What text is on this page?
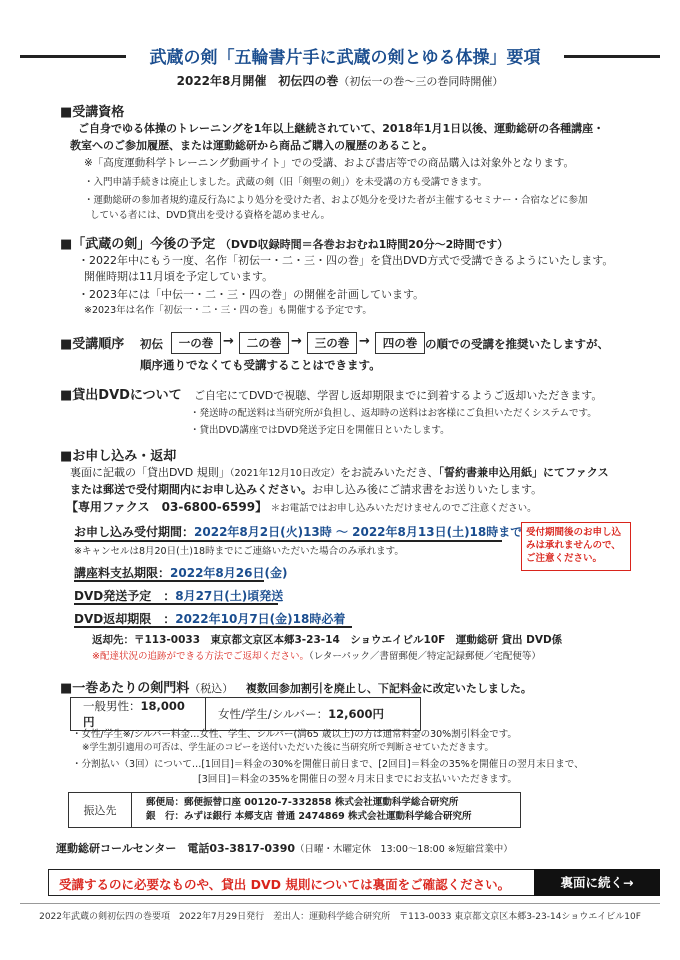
武蔵の剣「五輪書片手に武蔵の剣とゆる体操」要項
2022年8月開催　初伝四の巻（初伝一の巻～三の巻同時開催）
■受講資格
ご自身でゆる体操のトレーニングを1年以上継続されていて、2018年1月1日以後、運動総研の各種講座・
教室へのご参加履歴、または運動総研から商品ご購入の履歴のあること。
※「高度運動科学トレーニング動画サイト」での受講、および書店等での商品購入は対象外となります。
・入門申請手続きは廃止しました。武蔵の剣（旧「剣聖の剣」）を未受講の方も受講できます。
・運動総研の参加者規約違反行為により処分を受けた者、および処分を受けた者が主催するセミナー・合宿などに参加
している者には、DVD貸出を受ける資格を認めません。
■「武蔵の剣」今後の予定 （DVD収録時間＝各巻おおむね1時間20分～2時間です）
・2022年中にもう一度、名作「初伝一・二・三・四の巻」を貸出DVD方式で受講できるようにいたします。
開催時期は11月頃を予定しています。
・2023年には「中伝一・二・三・四の巻」の開催を計画しています。
※2023年は名作「初伝一・二・三・四の巻」も開催する予定です。
■受講順序 初伝	一の巻 →	二の巻 →	三の巻 →	四の巻 の順での受講を推奨いたしますが、
順序通りでなくても受講することはできます。
■貸出DVDについて ご自宅にてDVDで視聴、学習し返却期限までに到着するようご返却いただきます。
・発送時の配送料は当研究所が負担し、返却時の送料はお客様にご負担いただくシステムです。
・貸出DVD講座ではDVD発送予定日を開催日といたします。
■お申し込み・返却
裏面に記載の「貸出DVD 規則」（2021年12月10日改定）をお読みいただき、「誓約書兼申込用紙」にてファクス
または郵送で受付期間内にお申し込みください。お申し込み後にご請求書をお送りいたします。
【専用ファクス　03-6800-6599】 ＊お電話ではお申し込みいただけませんのでご注意ください。
お申し込み受付期間：2022年8月2日(火)13時 ～ 2022年8月13日(土)18時まで
※キャンセルは8月20日(土)18時までにご連絡いただいた場合のみ承れます。
受付期間後のお申し込みは承れませんので、ご注意ください。
講座料支払期限：2022年8月26日(金)
DVD発送予定　：8月27日(土)頃発送
DVD返却期限　：2022年10月7日(金)18時必着
返却先：〒113-0033　東京都文京区本郷3-23-14　ショウエイビル10F　運動総研 貸出 DVD係
※配達状況の追跡ができる方法でご返却ください。（レターパック／書留郵便／特定記録郵便／宅配便等）
■一巻あたりの剣門料（税込） 複数回参加割引を廃止し、下記料金に改定いたしました。
一般男性：18,000円	女性/学生/シルバー：12,600円
・女性/学生※/シルバー料金…女性、学生、シルバー(満65 歳以上)の方は通常料金の30%割引料金です。
※学生割引適用の可否は、学生証のコピーを送付いただいた後に当研究所で判断させていただきます。
・分割払い（3回）について…[1回目]＝料金の30%を開催日前日まで、[2回目]＝料金の35%を開催日の翌月末日まで、
[3回目]＝料金の35%を開催日の翌々月末日までにお支払いいただきます。
振込先	
郵便局：郵便振替口座 00120-7-332858 株式会社運動科学総合研究所
銀　行：みずほ銀行 本郷支店 普通 2474869 株式会社運動科学総合研究所
運動総研コールセンター　電話03-3817-0390（日曜・木曜定休　13:00～18:00 ※短縮営業中）
受講するのに必要なものや、貸出 DVD 規則については裏面をご確認ください。	裏面に続く→
2022年武蔵の剣初伝四の巻要項　2022年7月29日発行　差出人：運動科学総合研究所　〒113-0033 東京都文京区本郷3-23-14ショウエイビル10F
